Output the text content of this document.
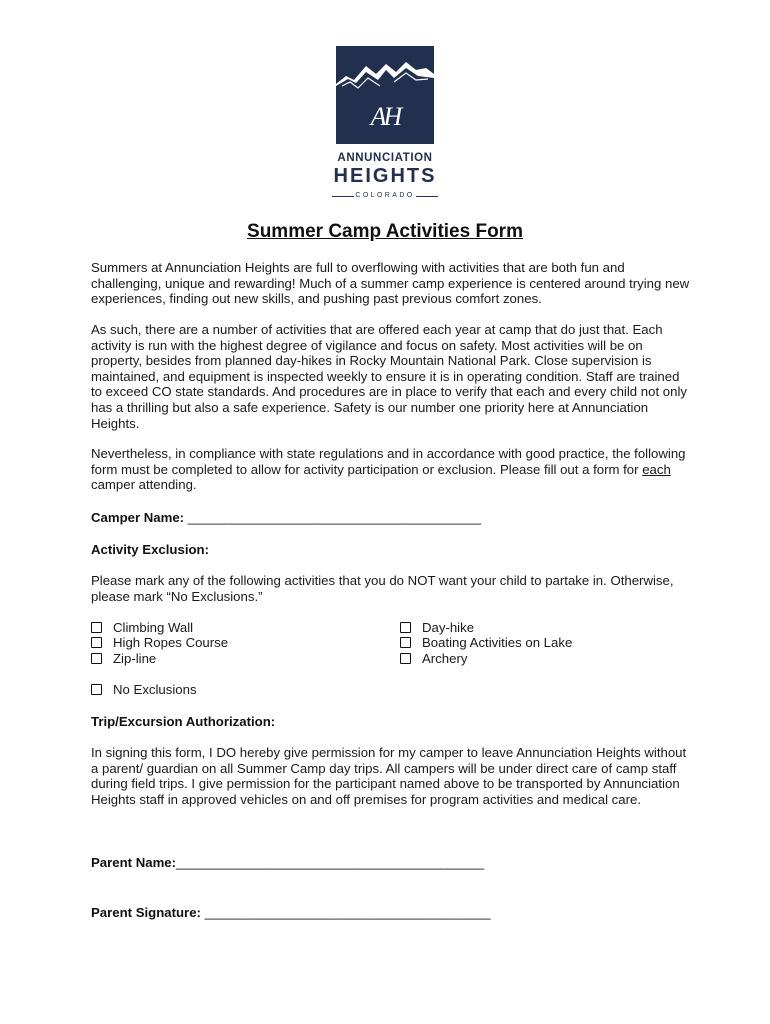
AH
ANNUNCIATION
HEIGHTS
COLORADO
Summer Camp Activities Form

Summers at Annunciation Heights are full to overflowing with activities that are both fun and challenging, unique and rewarding! Much of a summer camp experience is centered around trying new experiences, finding out new skills, and pushing past previous comfort zones.

As such, there are a number of activities that are offered each year at camp that do just that. Each activity is run with the highest degree of vigilance and focus on safety. Most activities will be on property, besides from planned day-hikes in Rocky Mountain National Park. Close supervision is maintained, and equipment is inspected weekly to ensure it is in operating condition. Staff are trained to exceed CO state standards. And procedures are in place to verify that each and every child not only has a thrilling but also a safe experience. Safety is our number one priority here at Annunciation Heights.

Nevertheless, in compliance with state regulations and in accordance with good practice, the following form must be completed to allow for activity participation or exclusion. Please fill out a form for each camper attending.

Camper Name: ________________________________________
Activity Exclusion:

Please mark any of the following activities that you do NOT want your child to partake in. Otherwise, please mark “No Exclusions.”

Climbing Wall
High Ropes Course
Zip-line
Day-hike
Boating Activities on Lake
Archery
No Exclusions
Trip/Excursion Authorization:

In signing this form, I DO hereby give permission for my camper to leave Annunciation Heights without a parent/ guardian on all Summer Camp day trips. All campers will be under direct care of camp staff during field trips. I give permission for the participant named above to be transported by Annunciation Heights staff in approved vehicles on and off premises for program activities and medical care.

Parent Name:__________________________________________
Parent Signature: _______________________________________
